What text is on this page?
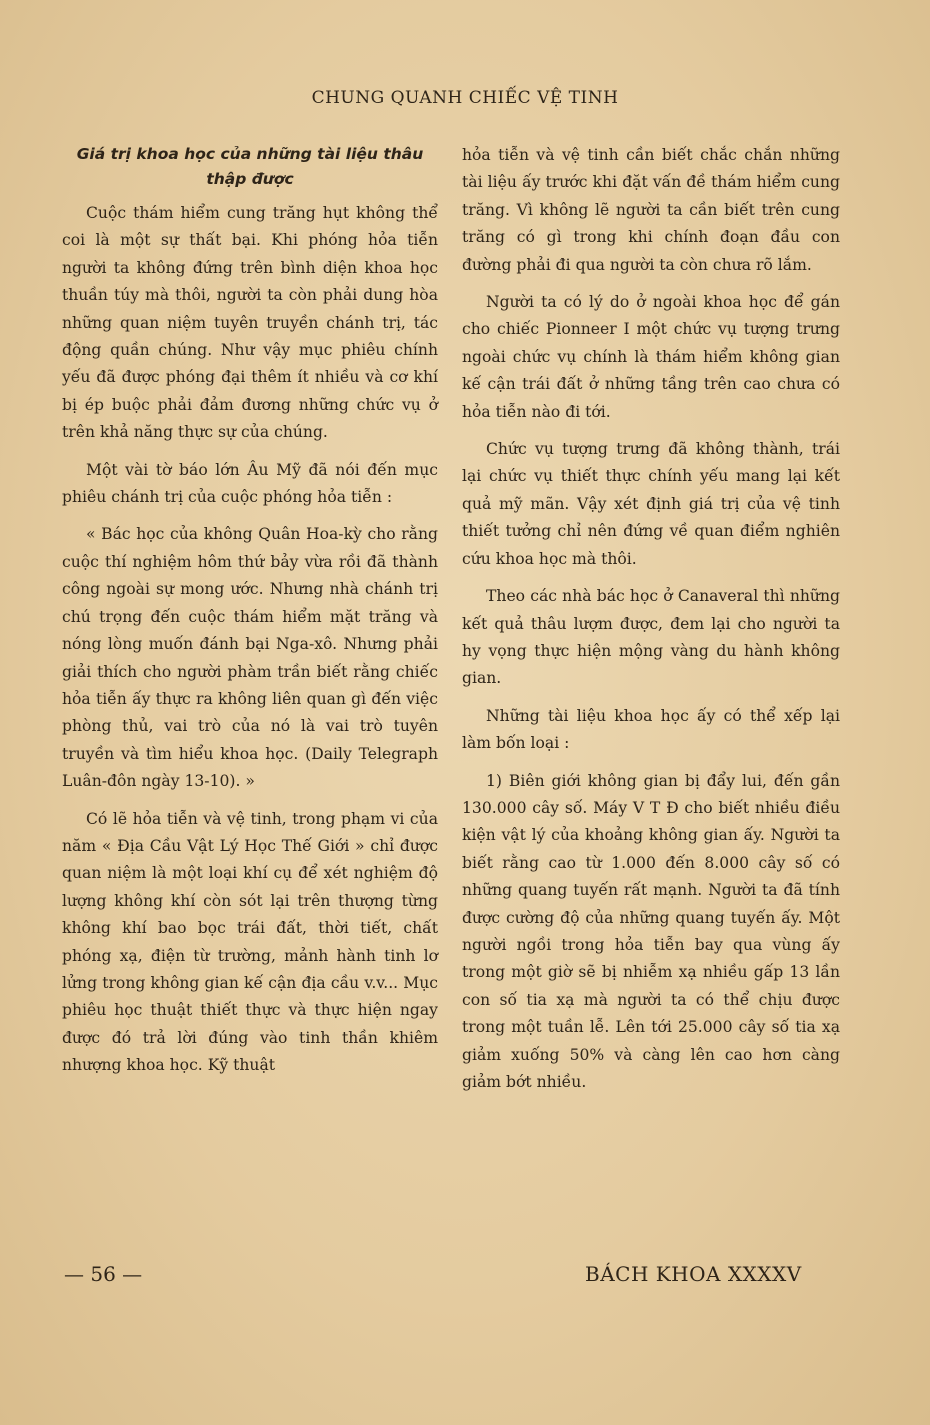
CHUNG QUANH CHIẾC VỆ TINH
Giá trị khoa học của những tài liệu thâu thập được

Cuộc thám hiểm cung trăng hụt không thể coi là một sự thất bại. Khi phóng hỏa tiễn người ta không đứng trên bình diện khoa học thuần túy mà thôi, người ta còn phải dung hòa những quan niệm tuyên truyền chánh trị, tác động quần chúng. Như vậy mục phiêu chính yếu đã được phóng đại thêm ít nhiều và cơ khí bị ép buộc phải đảm đương những chức vụ ở trên khả năng thực sự của chúng.

Một vài tờ báo lớn Âu Mỹ đã nói đến mục phiêu chánh trị của cuộc phóng hỏa tiễn :

« Bác học của không Quân Hoa-kỳ cho rằng cuộc thí nghiệm hôm thứ bảy vừa rồi đã thành công ngoài sự mong ước. Nhưng nhà chánh trị chú trọng đến cuộc thám hiểm mặt trăng và nóng lòng muốn đánh bại Nga-xô. Nhưng phải giải thích cho người phàm trần biết rằng chiếc hỏa tiễn ấy thực ra không liên quan gì đến việc phòng thủ, vai trò của nó là vai trò tuyên truyền và tìm hiểu khoa học. (Daily Telegraph Luân-đôn ngày 13-10). »

Có lẽ hỏa tiễn và vệ tinh, trong phạm vi của năm « Địa Cầu Vật Lý Học Thế Giới » chỉ được quan niệm là một loại khí cụ để xét nghiệm độ lượng không khí còn sót lại trên thượng từng không khí bao bọc trái đất, thời tiết, chất phóng xạ, điện từ trường, mảnh hành tinh lơ lửng trong không gian kế cận địa cầu v.v... Mục phiêu học thuật thiết thực và thực hiện ngay được đó trả lời đúng vào tinh thần khiêm nhượng khoa học. Kỹ thuật

hỏa tiễn và vệ tinh cần biết chắc chắn những tài liệu ấy trước khi đặt vấn đề thám hiểm cung trăng. Vì không lẽ người ta cần biết trên cung trăng có gì trong khi chính đoạn đầu con đường phải đi qua người ta còn chưa rõ lắm.

Người ta có lý do ở ngoài khoa học để gán cho chiếc Pionneer I một chức vụ tượng trưng ngoài chức vụ chính là thám hiểm không gian kế cận trái đất ở những tầng trên cao chưa có hỏa tiễn nào đi tới.

Chức vụ tượng trưng đã không thành, trái lại chức vụ thiết thực chính yếu mang lại kết quả mỹ mãn. Vậy xét định giá trị của vệ tinh thiết tưởng chỉ nên đứng về quan điểm nghiên cứu khoa học mà thôi.

Theo các nhà bác học ở Canaveral thì những kết quả thâu lượm được, đem lại cho người ta hy vọng thực hiện mộng vàng du hành không gian.

Những tài liệu khoa học ấy có thể xếp lại làm bốn loại :

1) Biên giới không gian bị đẩy lui, đến gần 130.000 cây số. Máy V T Đ cho biết nhiều điều kiện vật lý của khoảng không gian ấy. Người ta biết rằng cao từ 1.000 đến 8.000 cây số có những quang tuyến rất mạnh. Người ta đã tính được cường độ của những quang tuyến ấy. Một người ngồi trong hỏa tiễn bay qua vùng ấy trong một giờ sẽ bị nhiễm xạ nhiều gấp 13 lần con số tia xạ mà người ta có thể chịu được trong một tuần lễ. Lên tới 25.000 cây số tia xạ giảm xuống 50% và càng lên cao hơn càng giảm bớt nhiều.

— 56 —	BÁCH KHOA XXXXV
